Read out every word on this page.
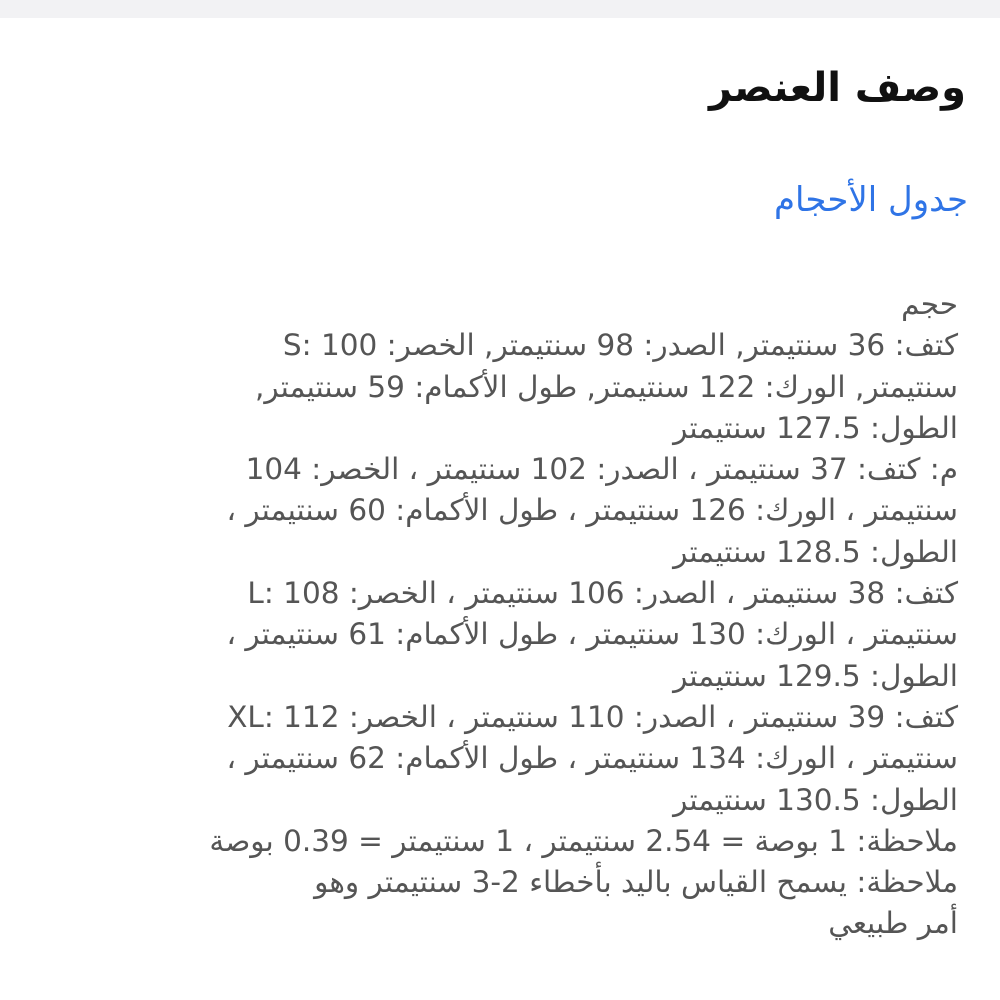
وصف العنصر
جدول الأحجام
حجم
كتف: 36 سنتيمتر, الصدر: 98 سنتيمتر, الخصر: S: 100
سنتيمتر, الورك: 122 سنتيمتر, طول الأكمام: 59 سنتيمتر,
الطول: 127.5 سنتيمتر
م: كتف: 37 سنتيمتر ، الصدر: 102 سنتيمتر ، الخصر: 104
سنتيمتر ، الورك: 126 سنتيمتر ، طول الأكمام: 60 سنتيمتر ،
الطول: 128.5 سنتيمتر
كتف: 38 سنتيمتر ، الصدر: 106 سنتيمتر ، الخصر: L: 108
سنتيمتر ، الورك: 130 سنتيمتر ، طول الأكمام: 61 سنتيمتر ،
الطول: 129.5 سنتيمتر
كتف: 39 سنتيمتر ، الصدر: 110 سنتيمتر ، الخصر: XL: 112
سنتيمتر ، الورك: 134 سنتيمتر ، طول الأكمام: 62 سنتيمتر ،
الطول: 130.5 سنتيمتر
ملاحظة: 1 بوصة = 2.54 سنتيمتر ، 1 سنتيمتر = 0.39 بوصة
ملاحظة: يسمح القياس باليد بأخطاء 2-3 سنتيمتر وهو
أمر طبيعي
